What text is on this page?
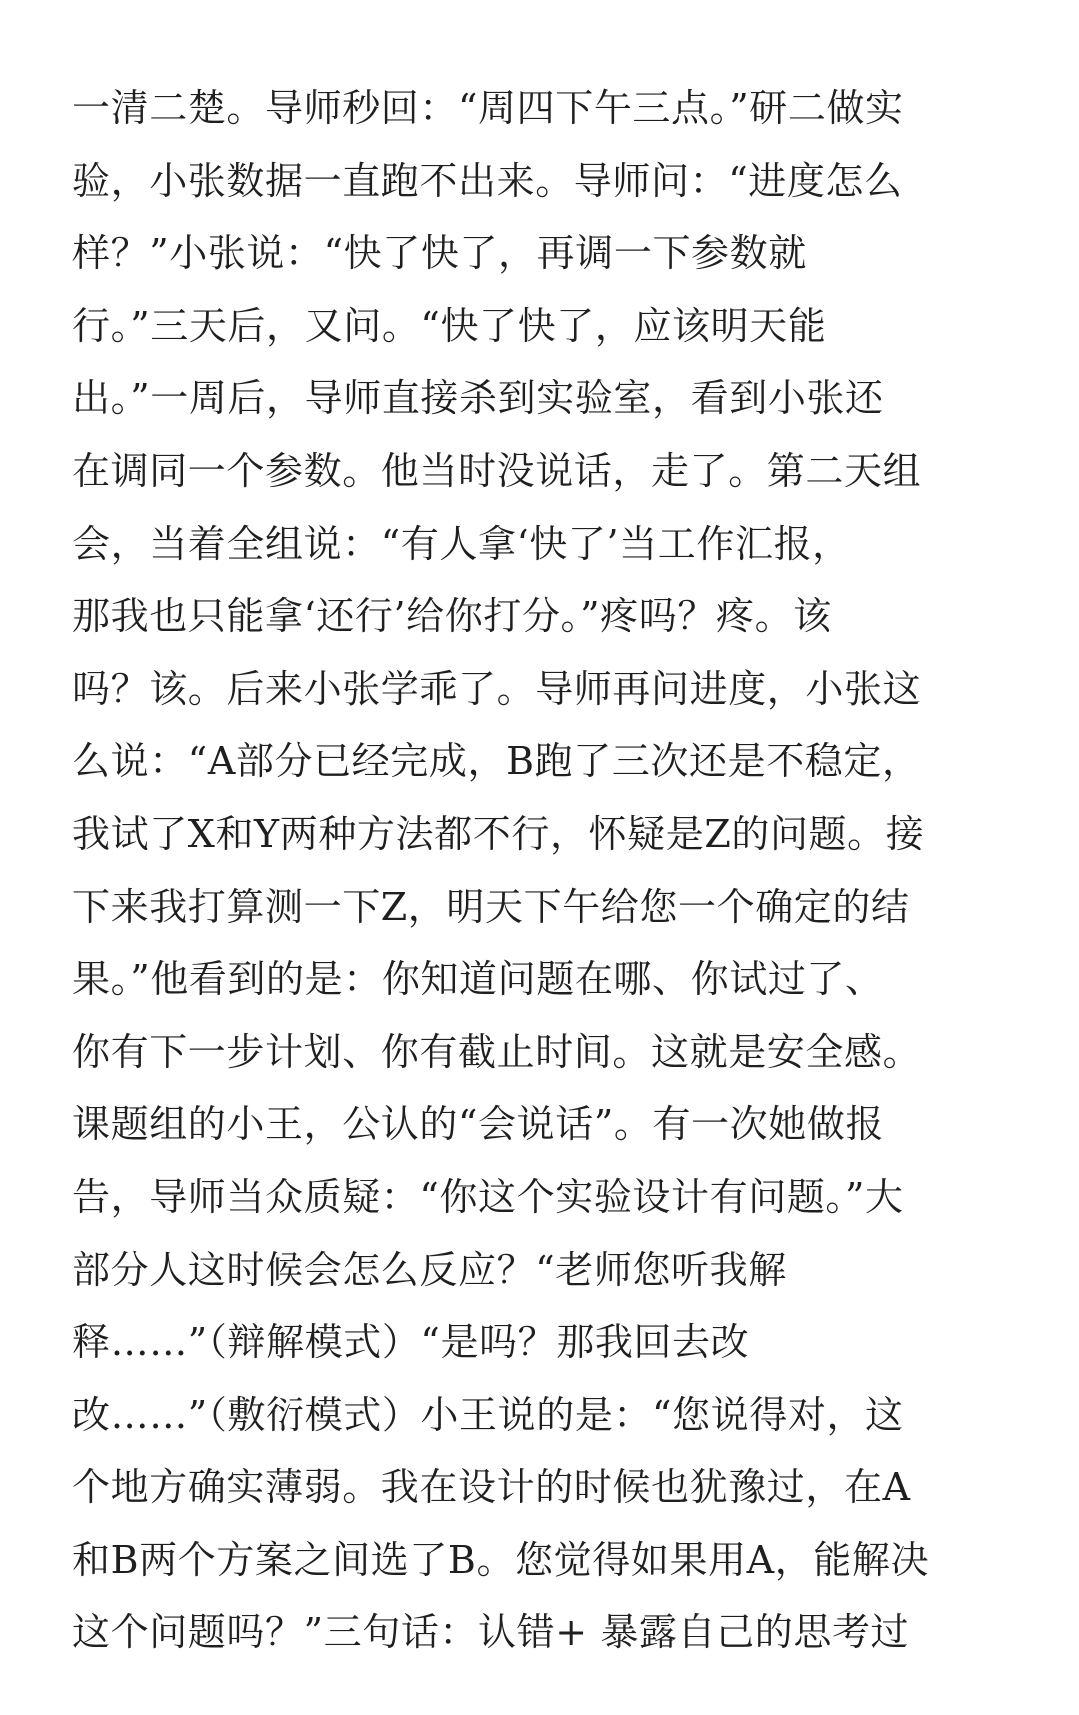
一清二楚。导师秒回：“周四下午三点。”研二做实
验，小张数据一直跑不出来。导师问：“进度怎么
样？”小张说：“快了快了，再调一下参数就
行。”三天后，又问。“快了快了，应该明天能
出。”一周后，导师直接杀到实验室，看到小张还
在调同一个参数。他当时没说话，走了。第二天组
会，当着全组说：“有人拿‘快了’当工作汇报，
那我也只能拿‘还行’给你打分。”疼吗？疼。该
吗？该。后来小张学乖了。导师再问进度，小张这
么说：“A部分已经完成，B跑了三次还是不稳定，
我试了X和Y两种方法都不行，怀疑是Z的问题。接
下来我打算测一下Z，明天下午给您一个确定的结
果。”他看到的是：你知道问题在哪、你试过了、
你有下一步计划、你有截止时间。这就是安全感。
课题组的小王，公认的“会说话”。有一次她做报
告，导师当众质疑：“你这个实验设计有问题。”大
部分人这时候会怎么反应？“老师您听我解
释……”（辩解模式）“是吗？那我回去改
改……”（敷衍模式）小王说的是：“您说得对，这
个地方确实薄弱。我在设计的时候也犹豫过，在A
和B两个方案之间选了B。您觉得如果用A，能解决
这个问题吗？”三句话：认错+ 暴露自己的思考过
